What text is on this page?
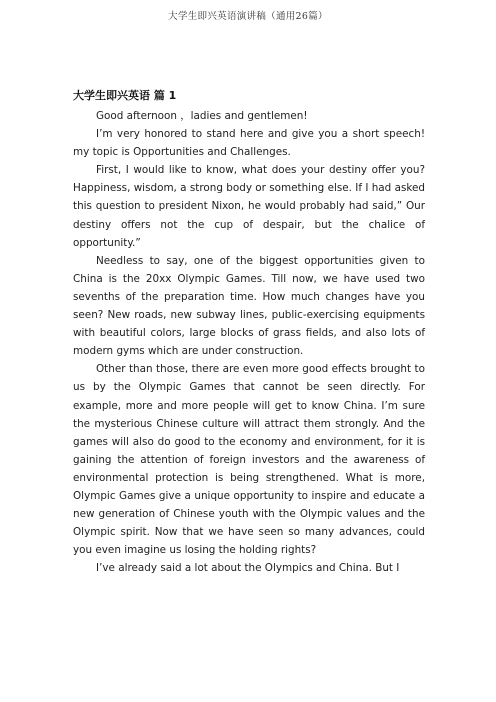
大学生即兴英语演讲稿（通用26篇）
大学生即兴英语 篇 1

Good afternoon ，ladies and gentlemen!

I’m very honored to stand here and give you a short speech! my topic is Opportunities and Challenges.

First, I would like to know, what does your destiny offer you? Happiness, wisdom, a strong body or something else. If I had asked this question to president Nixon, he would probably had said,” Our destiny offers not the cup of despair, but the chalice of opportunity.”

Needless to say, one of the biggest opportunities given to China is the 20xx Olympic Games. Till now, we have used two sevenths of the preparation time. How much changes have you seen? New roads, new subway lines, public-exercising equipments with beautiful colors, large blocks of grass fields, and also lots of modern gyms which are under construction.

Other than those, there are even more good effects brought to us by the Olympic Games that cannot be seen directly. For example, more and more people will get to know China. I’m sure the mysterious Chinese culture will attract them strongly. And the games will also do good to the economy and environment, for it is gaining the attention of foreign investors and the awareness of environmental protection is being strengthened. What is more, Olympic Games give a unique opportunity to inspire and educate a new generation of Chinese youth with the Olympic values and the Olympic spirit. Now that we have seen so many advances, could you even imagine us losing the holding rights?

I’ve already said a lot about the Olympics and China. But I
